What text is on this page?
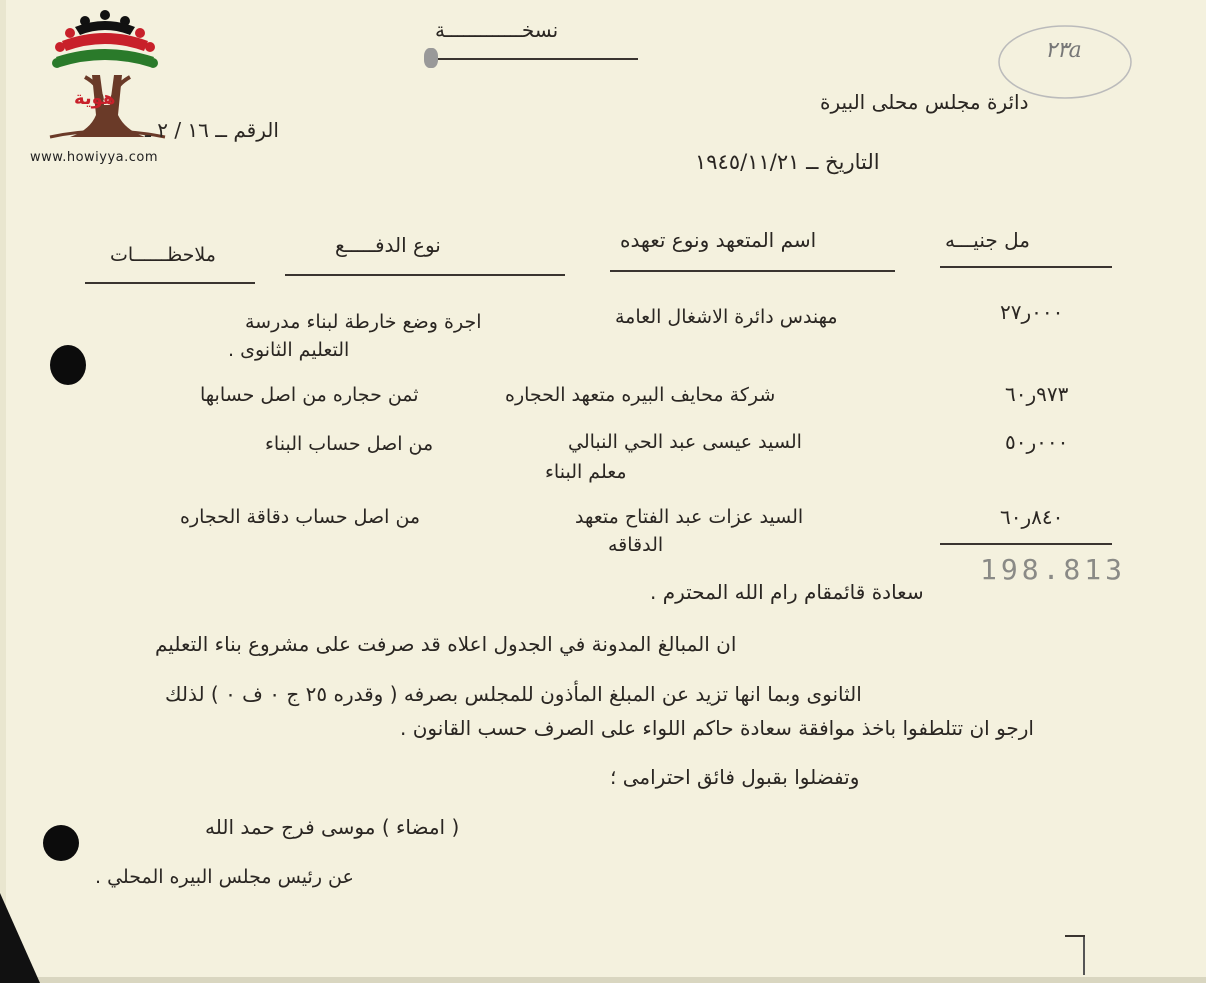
هوية
www.howiyya.com
نسخـــــــــــــة
٢٣a
دائرة مجلس محلى البيرة
الرقم ــ ١٦ / ٢ ـ
التاريخ ــ ١٩٤٥/١١/٢١
مل جنيـــه
اسم المتعهد ونوع تعهده
نوع الدفـــــع
ملاحظــــــات
٠٠٠ر٢٧
مهندس دائرة الاشغال العامة
اجرة وضع خارطة لبناء مدرسة
التعليم الثانوى .
٩٧٣ر٦٠
شركة محايف البيره متعهد الحجاره
ثمن حجاره من اصل حسابها
٠٠٠ر٥٠
السيد عيسى عبد الحي النبالي
معلم البناء
من اصل حساب البناء
٨٤٠ر٦٠
السيد عزات عبد الفتاح متعهد
الدقاقه
من اصل حساب دقاقة الحجاره
198.813
سعادة قائمقام رام الله المحترم .
ان المبالغ المدونة في الجدول اعلاه قد صرفت على مشروع بناء التعليم
الثانوى وبما انها تزيد عن المبلغ المأذون للمجلس بصرفه ( وقدره ٢٥ ج ٠ ف ٠ ) لذلك
ارجو ان تتلطفوا باخذ موافقة سعادة حاكم اللواء على الصرف حسب القانون .
وتفضلوا بقبول فائق احترامى ؛
( امضاء ) موسى فرج حمد الله
عن رئيس مجلس البيره المحلي .
